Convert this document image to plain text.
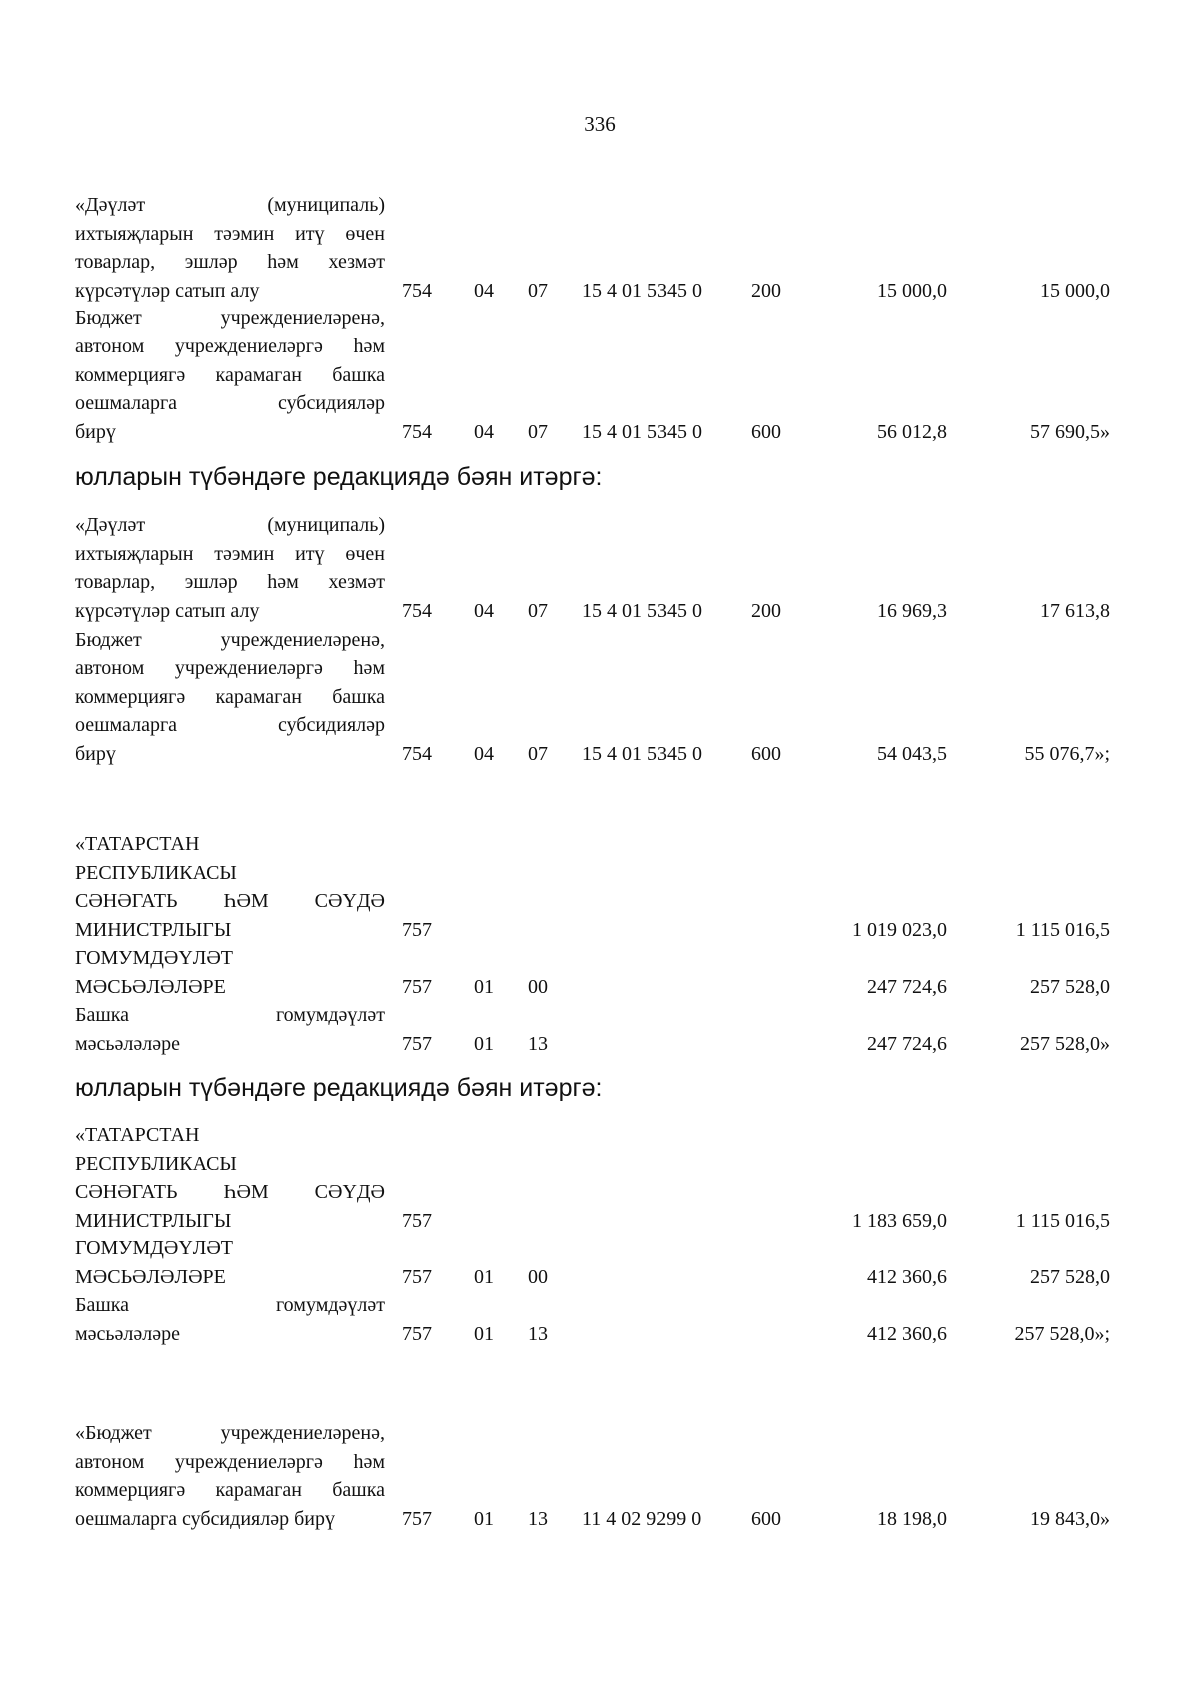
336
«Дәүләт (муниципаль)
ихтыяҗларын тәэмин итү өчен
товарлар, эшләр һәм хезмәт
күрсәтүләр сатып алу	754 04 07 15 4 01 5345 0 200	15 000,0	15 000,0
Бюджет учреждениеләренә,
автоном учреждениеләргә һәм
коммерциягә карамаган башка
оешмаларга субсидияләр
бирү	754 04 07 15 4 01 5345 0 600	56 012,8	57 690,5»
юлларын түбәндәге редакциядә бәян итәргә:
«Дәүләт (муниципаль)
ихтыяҗларын тәэмин итү өчен
товарлар, эшләр һәм хезмәт
күрсәтүләр сатып алу	754 04 07 15 4 01 5345 0 200	16 969,3	17 613,8
Бюджет учреждениеләренә,
автоном учреждениеләргә һәм
коммерциягә карамаган башка
оешмаларга субсидияләр
бирү	754 04 07 15 4 01 5345 0 600	54 043,5	55 076,7»;
«ТАТАРСТАН
РЕСПУБЛИКАСЫ
СӘНӘГАТЬ ҺӘМ СӘҮДӘ
МИНИСТРЛЫГЫ	757	1 019 023,0	1 115 016,5
ГОМУМДӘҮЛӘТ
МӘСЬӘЛӘЛӘРЕ	757 01 00	247 724,6	257 528,0
Башка гомумдәүләт
мәсьәләләре	757 01 13	247 724,6	257 528,0»
юлларын түбәндәге редакциядә бәян итәргә:
«ТАТАРСТАН
РЕСПУБЛИКАСЫ
СӘНӘГАТЬ ҺӘМ СӘҮДӘ
МИНИСТРЛЫГЫ	757	1 183 659,0	1 115 016,5
ГОМУМДӘҮЛӘТ
МӘСЬӘЛӘЛӘРЕ	757 01 00	412 360,6	257 528,0
Башка гомумдәүләт
мәсьәләләре	757 01 13	412 360,6	257 528,0»;
«Бюджет учреждениеләренә,
автоном учреждениеләргә һәм
коммерциягә карамаган башка
оешмаларга субсидияләр бирү	757 01 13 11 4 02 9299 0 600	18 198,0	19 843,0»
